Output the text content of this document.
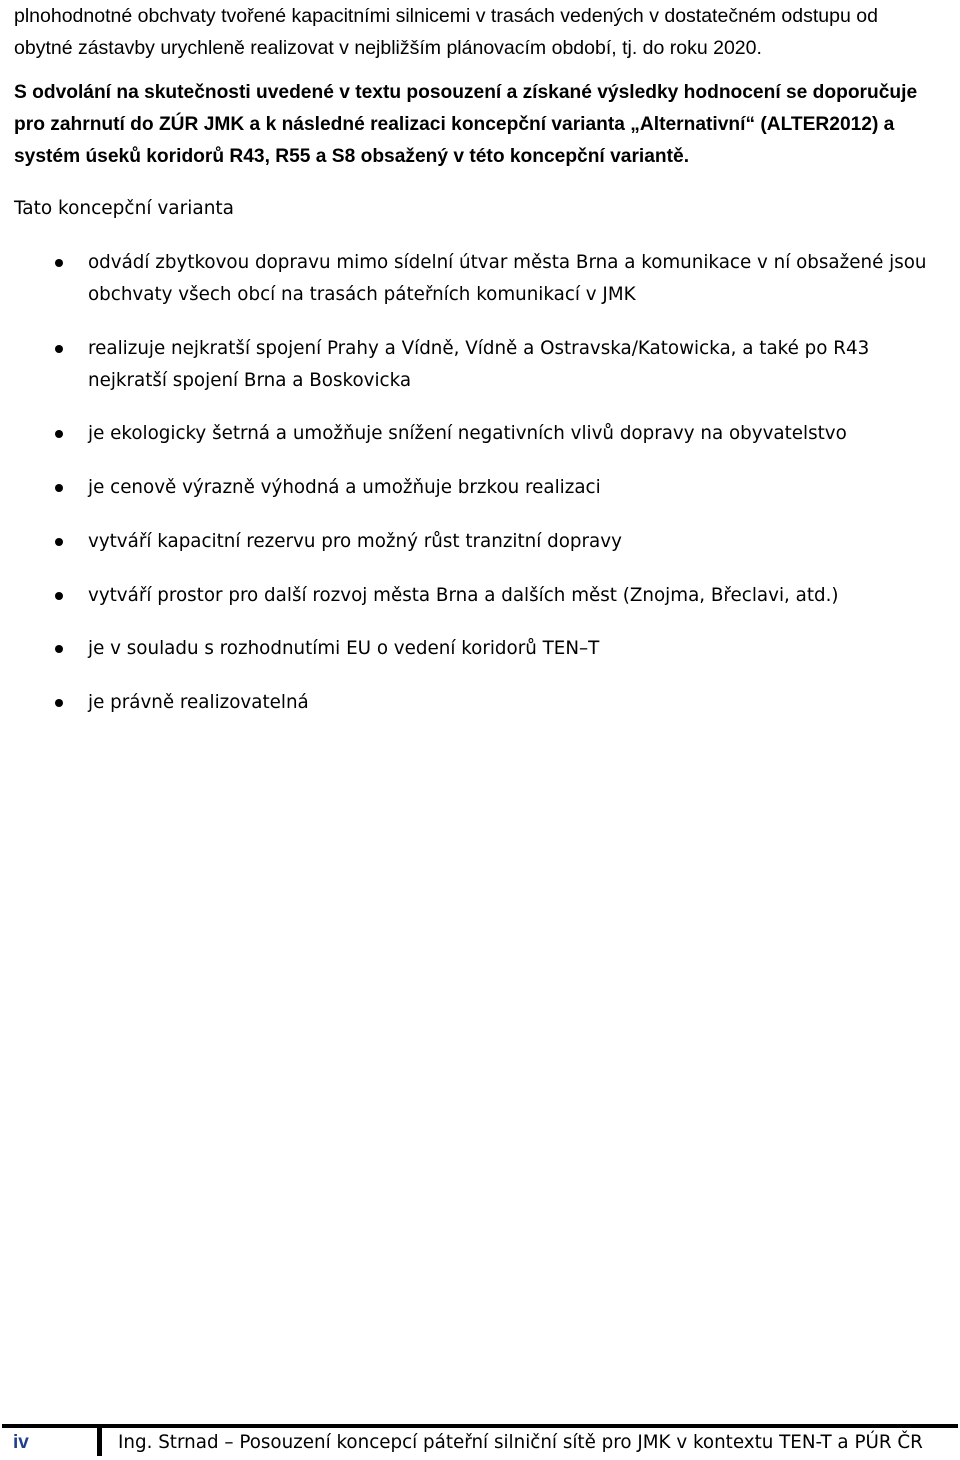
plnohodnotné obchvaty tvořené kapacitními silnicemi v trasách vedených v dostatečném odstupu od
obytné zástavby urychleně realizovat v nejbližším plánovacím období, tj. do roku 2020.
S odvolání na skutečnosti uvedené v textu posouzení a získané výsledky hodnocení se doporučuje
pro zahrnutí do ZÚR JMK a k následné realizaci koncepční varianta „Alternativní“ (ALTER2012) a
systém úseků koridorů R43, R55 a S8 obsažený v této koncepční variantě.
Tato koncepční varianta
odvádí zbytkovou dopravu mimo sídelní útvar města Brna a komunikace v ní obsažené jsou
obchvaty všech obcí na trasách páteřních komunikací v JMK
realizuje nejkratší spojení Prahy a Vídně, Vídně a Ostravska/Katowicka, a také po R43
nejkratší spojení Brna a Boskovicka
je ekologicky šetrná a umožňuje snížení negativních vlivů dopravy na obyvatelstvo
je cenově výrazně výhodná a umožňuje brzkou realizaci
vytváří kapacitní rezervu pro možný růst tranzitní dopravy
vytváří prostor pro další rozvoj města Brna a dalších měst (Znojma, Břeclavi, atd.)
je v souladu s rozhodnutími EU o vedení koridorů TEN–T
je právně realizovatelná
iv	Ing. Strnad – Posouzení koncepcí páteřní silniční sítě pro JMK v kontextu TEN-T a PÚR ČR
